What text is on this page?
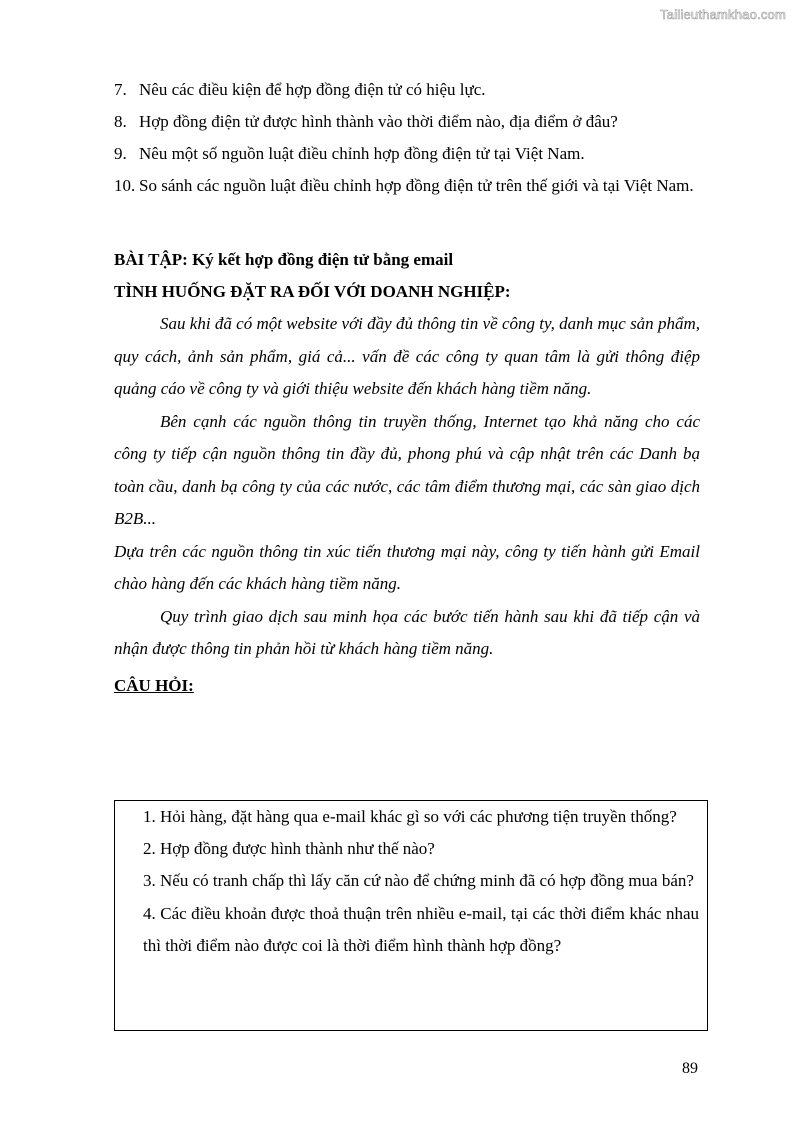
Tailieuthamkhao.com
7. Nêu các điều kiện để hợp đồng điện tử có hiệu lực.
8. Hợp đồng điện tử được hình thành vào thời điểm nào, địa điểm ở đâu?
9. Nêu một số nguồn luật điều chỉnh hợp đồng điện tử tại Việt Nam.
10. So sánh các nguồn luật điều chỉnh hợp đồng điện tử trên thế giới và tại Việt Nam.
BÀI TẬP: Ký kết hợp đồng điện tử bằng email
TÌNH HUỐNG ĐẶT RA ĐỐI VỚI DOANH NGHIỆP:

Sau khi đã có một website với đầy đủ thông tin về công ty, danh mục sản phẩm, quy cách, ảnh sản phẩm, giá cả... vấn đề các công ty quan tâm là gửi thông điệp quảng cáo về công ty và giới thiệu website đến khách hàng tiềm năng.

Bên cạnh các nguồn thông tin truyền thống, Internet tạo khả năng cho các công ty tiếp cận nguồn thông tin đầy đủ, phong phú và cập nhật trên các Danh bạ toàn cầu, danh bạ công ty của các nước, các tâm điểm thương mại, các sàn giao dịch B2B...

Dựa trên các nguồn thông tin xúc tiến thương mại này, công ty tiến hành gửi Email chào hàng đến các khách hàng tiềm năng.

Quy trình giao dịch sau minh họa các bước tiến hành sau khi đã tiếp cận và nhận được thông tin phản hồi từ khách hàng tiềm năng.

CÂU HỎI:

1. Hỏi hàng, đặt hàng qua e-mail khác gì so với các phương tiện truyền thống?

2. Hợp đồng được hình thành như thế nào?

3. Nếu có tranh chấp thì lấy căn cứ nào để chứng minh đã có hợp đồng mua bán?

4. Các điều khoản được thoả thuận trên nhiều e-mail, tại các thời điểm khác nhau thì thời điểm nào được coi là thời điểm hình thành hợp đồng?

89
